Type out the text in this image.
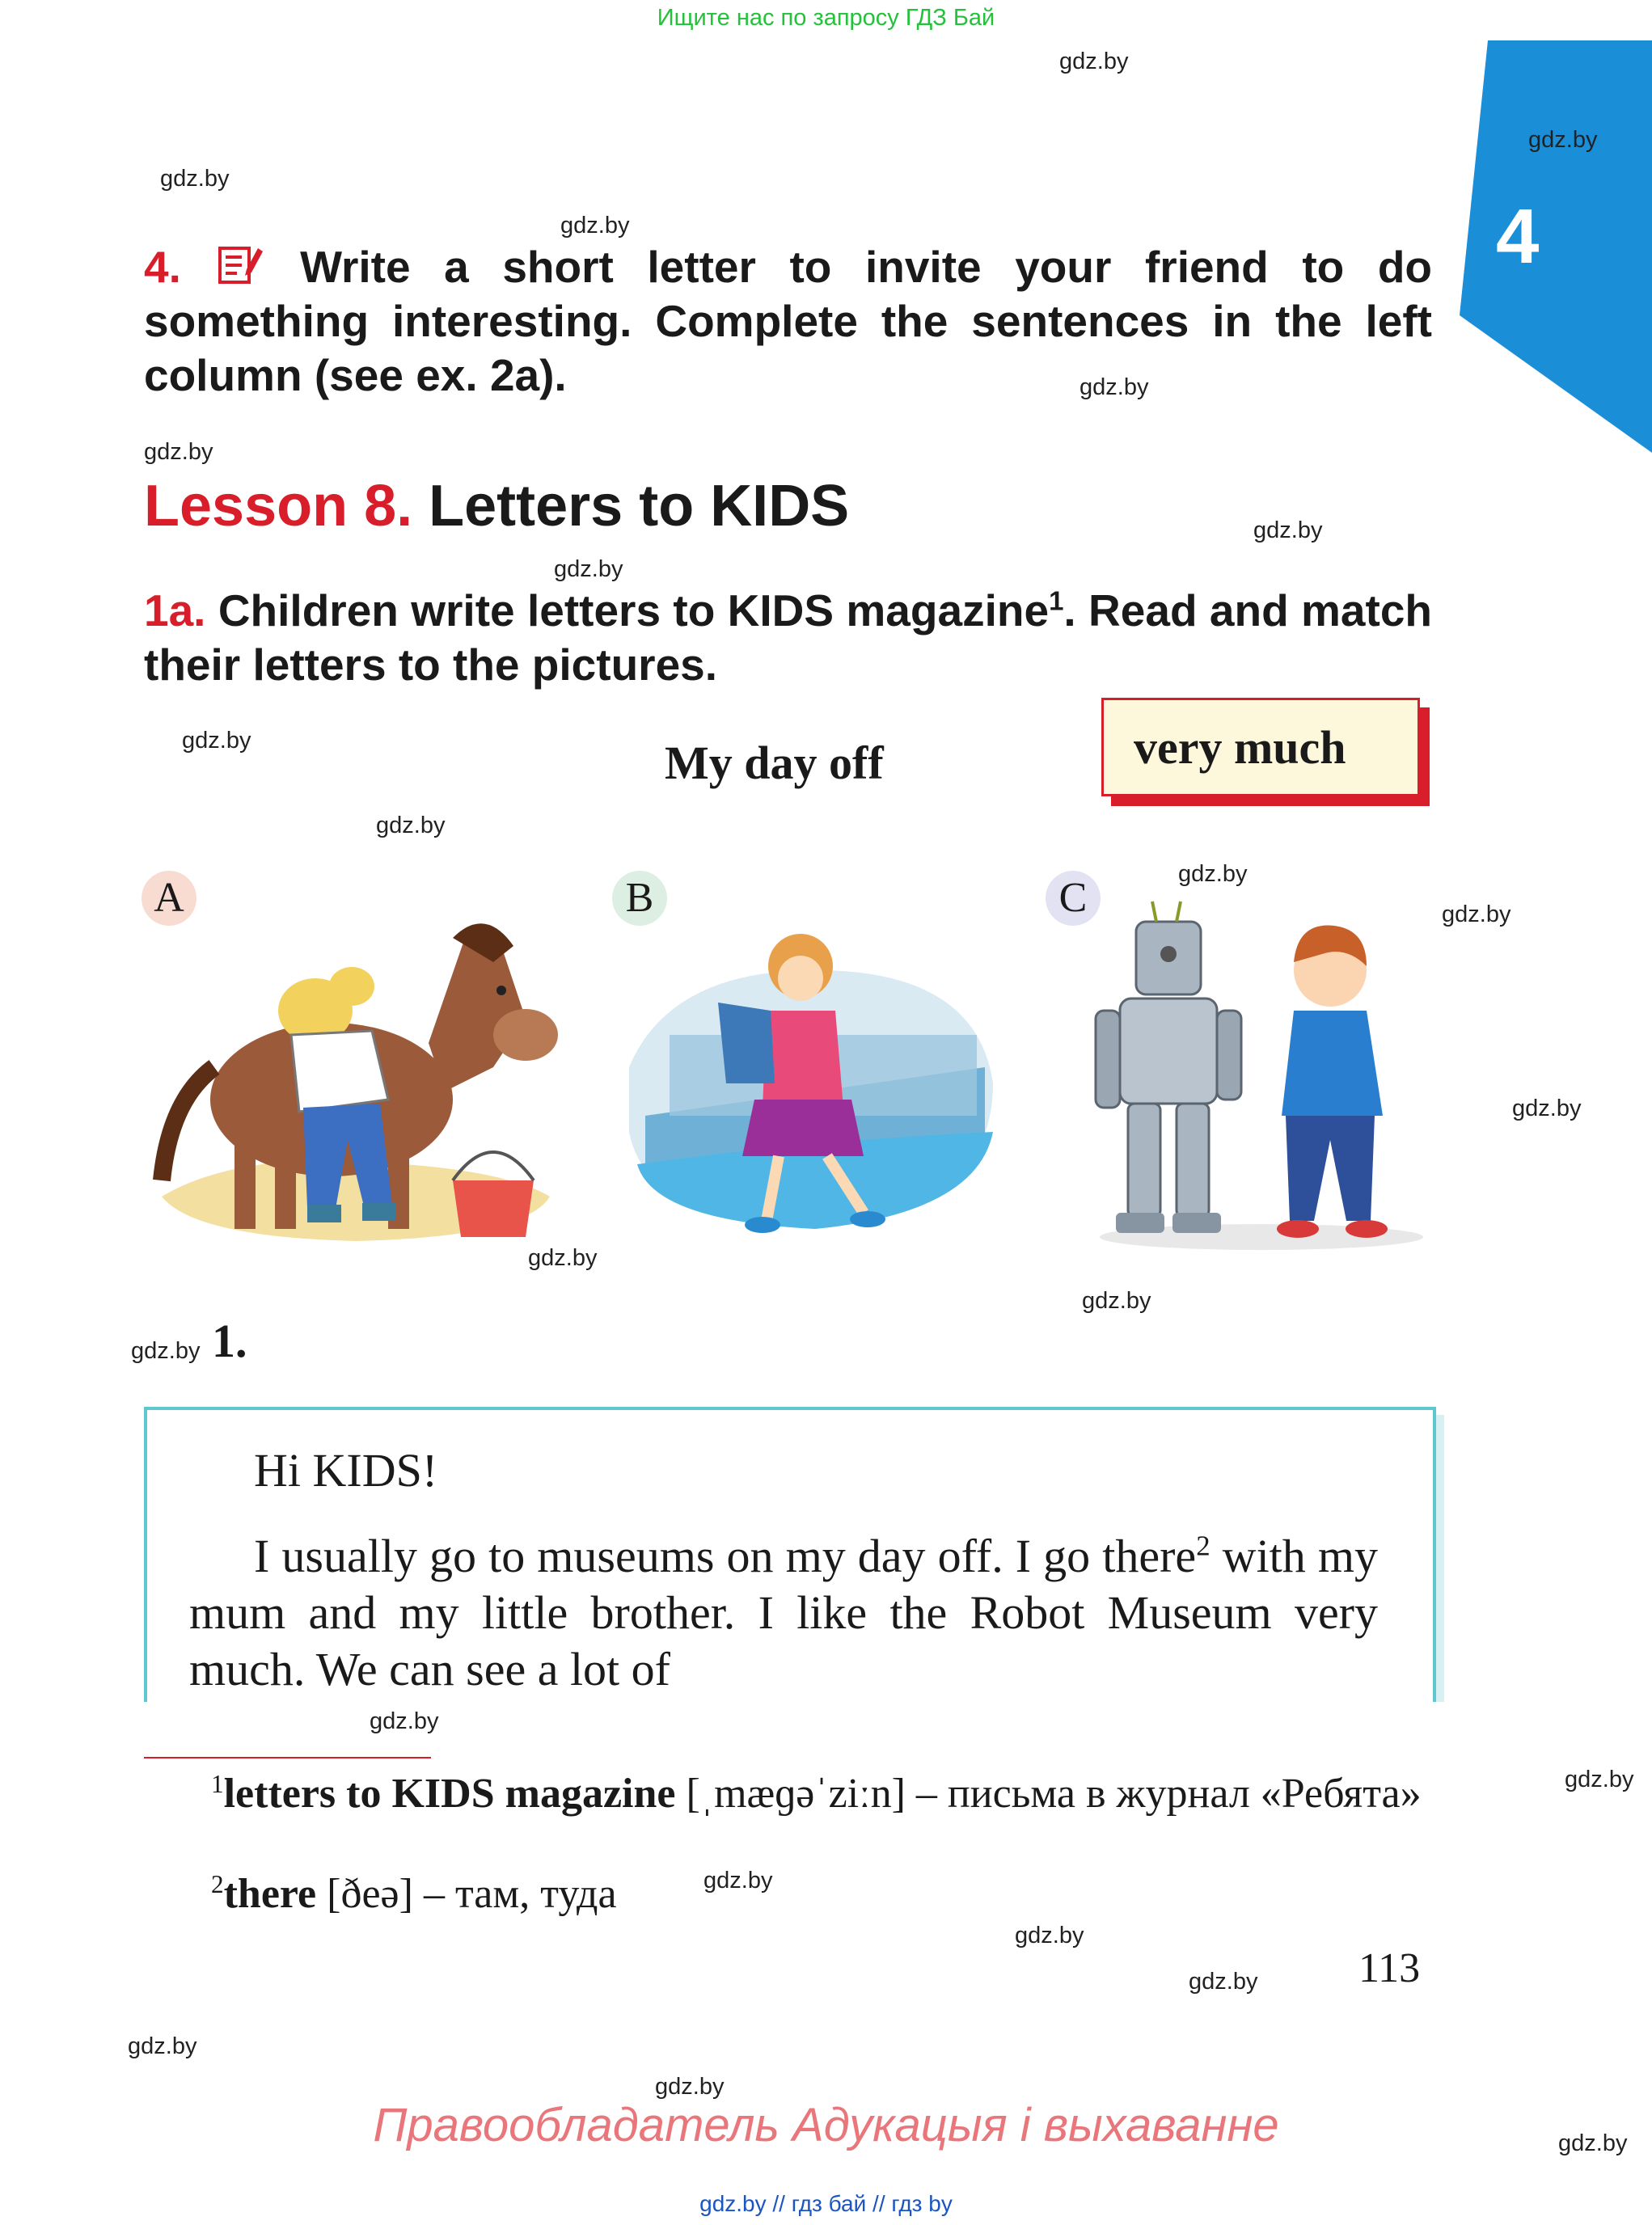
Ищите нас по запросу ГДЗ Бай
4
gdz.by
gdz.by
gdz.by
gdz.by
gdz.by
gdz.by
gdz.by
gdz.by
gdz.by
gdz.by
gdz.by
gdz.by
gdz.by
gdz.by
gdz.by
gdz.by
gdz.by
gdz.by
gdz.by
gdz.by
gdz.by
gdz.by
gdz.by
gdz.by
4.	Write a short letter to invite your friend to do something interesting. Complete the sentences in the left column (see ex. 2a).
Lesson 8. Letters to KIDS
1a. Children write letters to KIDS magazine$^1$. Read and match their letters to the pictures.
My day off	very much
A	B	C
1.
Hi KIDS!
I usually go to museums on my day off. I go there$^2$ with my mum and my little brother. I like the Robot Museum very much. We can see a lot of
$^1$letters to KIDS magazine [ˌmæɡəˈziːn] – письма в журнал «Ребята»
$^2$there [ðeə] – там, туда
113
Правообладатель Адукацыя і выхаванне
gdz.by // гдз бай // гдз by
